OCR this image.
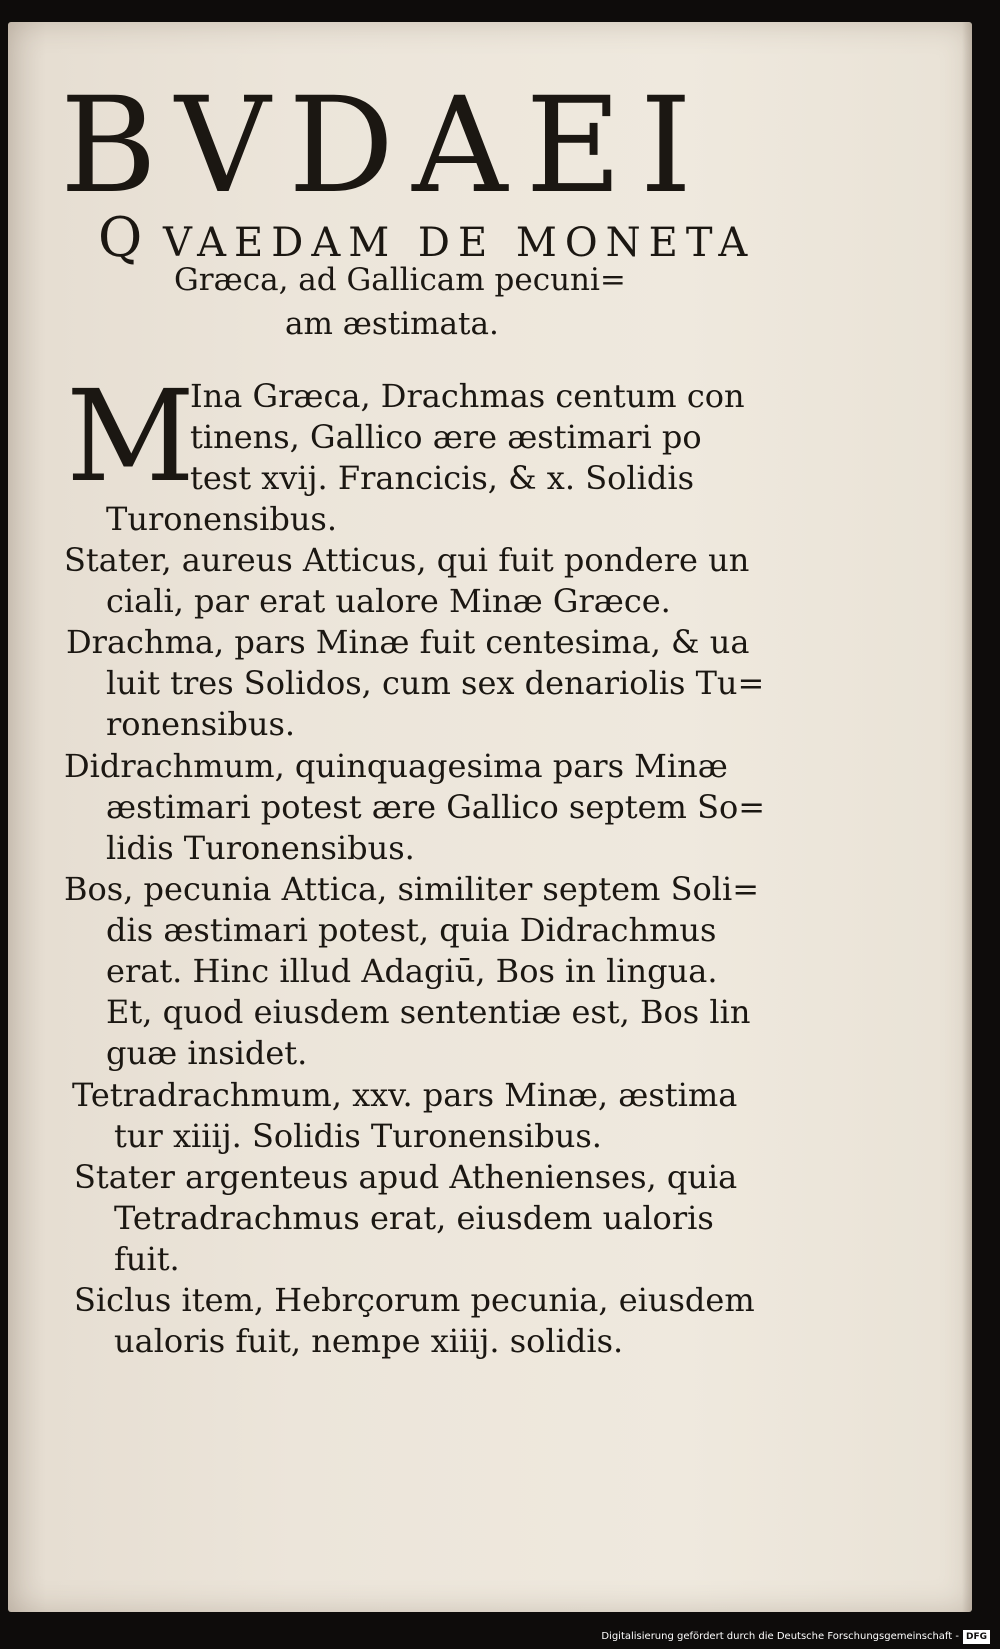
BVDAEI
Q VAEDAM DE MONETA
Græca, ad Gallicam pecuni=
am æstimata.
M
Ina Græca, Drachmas centum con
tinens, Gallico ære æstimari po
test xvij. Francicis, & x. Solidis
Turonensibus.
Stater, aureus Atticus, qui fuit pondere un
ciali, par erat ualore Minæ Græce.
Drachma, pars Minæ fuit centesima, & ua
luit tres Solidos, cum sex denariolis Tu=
ronensibus.
Didrachmum, quinquagesima pars Minæ
æstimari potest ære Gallico septem So=
lidis Turonensibus.
Bos, pecunia Attica, similiter septem Soli=
dis æstimari potest, quia Didrachmus
erat. Hinc illud Adagiū, Bos in lingua.
Et, quod eiusdem sententiæ est, Bos lin
guæ insidet.
Tetradrachmum, xxv. pars Minæ, æstima
tur xiiij. Solidis Turonensibus.
Stater argenteus apud Athenienses, quia
Tetradrachmus erat, eiusdem ualoris
fuit.
Siclus item, Hebrçorum pecunia, eiusdem
ualoris fuit, nempe xiiij. solidis.
Digitalisierung gefördert durch die Deutsche Forschungsgemeinschaft - DFG
